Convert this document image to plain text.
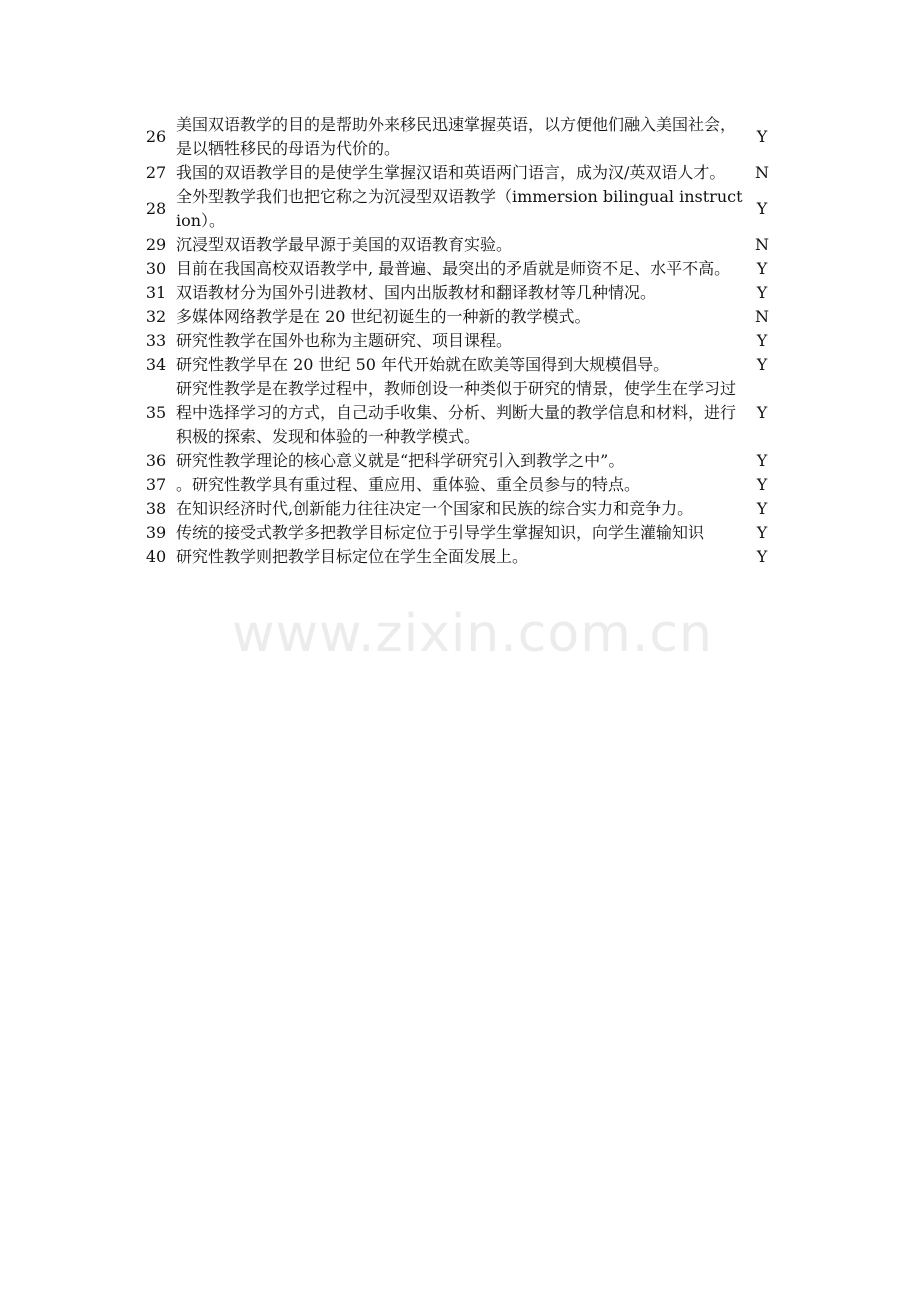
www.zixin.com.cn
26	美国双语教学的目的是帮助外来移民迅速掌握英语，以方便他们融入美国社会， 是以牺牲移民的母语为代价的。	Y
27	我国的双语教学目的是使学生掌握汉语和英语两门语言，成为汉/英双语人才。	N
28	全外型教学我们也把它称之为沉浸型双语教学（immersion bilingual instruction）。	Y
29	沉浸型双语教学最早源于美国的双语教育实验。	N
30	目前在我国高校双语教学中, 最普遍、最突出的矛盾就是师资不足、水平不高。	Y
31	双语教材分为国外引进教材、国内出版教材和翻译教材等几种情况。	Y
32	多媒体网络教学是在 20 世纪初诞生的一种新的教学模式。	N
33	研究性教学在国外也称为主题研究、项目课程。	Y
34	研究性教学早在 20 世纪 50 年代开始就在欧美等国得到大规模倡导。	Y
35	研究性教学是在教学过程中，教师创设一种类似于研究的情景，使学生在学习过程中选择学习的方式，自己动手收集、分析、判断大量的教学信息和材料，进行积极的探索、发现和体验的一种教学模式。	Y
36	研究性教学理论的核心意义就是“把科学研究引入到教学之中”。	Y
37	。研究性教学具有重过程、重应用、重体验、重全员参与的特点。	Y
38	在知识经济时代,创新能力往往决定一个国家和民族的综合实力和竞争力。	Y
39	传统的接受式教学多把教学目标定位于引导学生掌握知识，向学生灌输知识	Y
40	研究性教学则把教学目标定位在学生全面发展上。	Y
